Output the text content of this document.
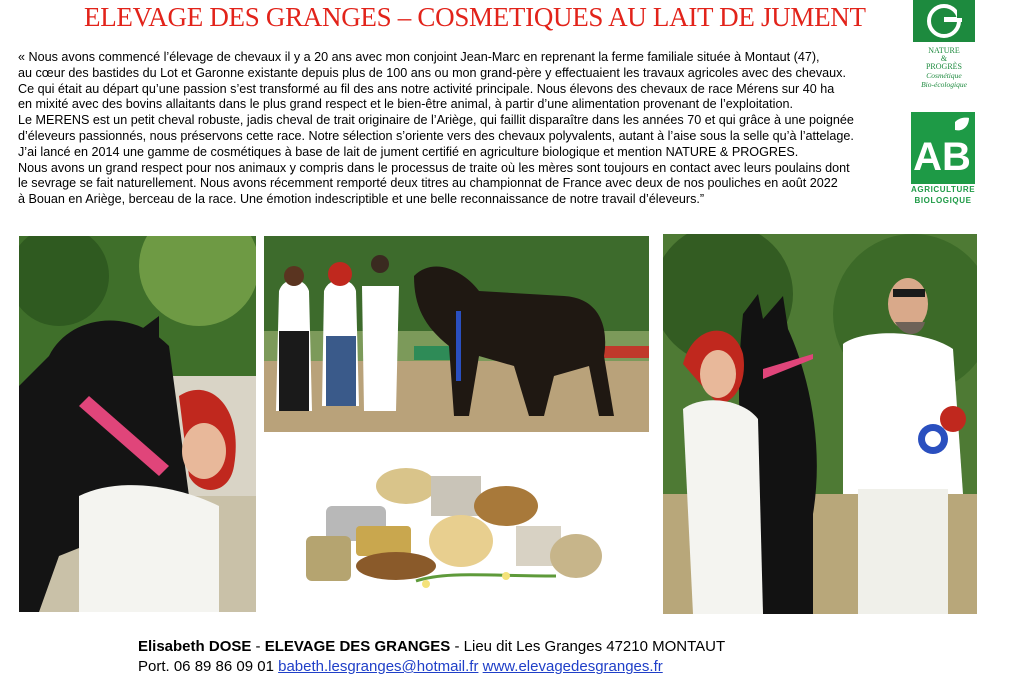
ELEVAGE DES GRANGES – COSMETIQUES AU LAIT DE JUMENT
« Nous avons commencé l’élevage de chevaux il y a 20 ans avec mon conjoint Jean-Marc en reprenant la ferme familiale située à Montaut (47),
au cœur des bastides du Lot et Garonne existante depuis plus de 100 ans ou mon grand-père y effectuaient les travaux agricoles avec des chevaux.
Ce qui était au départ qu’une passion s’est transformé au fil des ans notre activité principale. Nous élevons des chevaux de race Mérens sur 40 ha
en mixité avec des bovins allaitants dans le plus grand respect et le bien-être animal, à partir d’une alimentation provenant de l’exploitation.
Le MERENS est un petit cheval robuste, jadis cheval de trait originaire de l’Ariège, qui faillit disparaître dans les années 70 et qui grâce à une poignée
d’éleveurs passionnés, nous préservons cette race. Notre sélection s’oriente vers des chevaux polyvalents, autant à l’aise sous la selle qu’à l’attelage.
J’ai lancé en 2014 une gamme de cosmétiques à base de lait de jument certifié en agriculture biologique et mention NATURE & PROGRES.
Nous avons un grand respect pour nos animaux y compris dans le processus de traite où les mères sont toujours en contact avec leurs poulains dont
le sevrage se fait naturellement. Nous avons récemment remporté deux titres au championnat de France avec deux de nos pouliches en août 2022
à Bouan en Ariège, berceau de la race. Une émotion indescriptible et une belle reconnaissance de notre travail d’éleveurs.”
NATURE
&
PROGRÈS
Cosmétique
Bio-écologique
AB
AGRICULTURE
BIOLOGIQUE
Elisabeth DOSE - ELEVAGE DES GRANGES - Lieu dit Les Granges 47210 MONTAUT
Port. 06 89 86 09 01 babeth.lesgranges@hotmail.fr www.elevagedesgranges.fr
